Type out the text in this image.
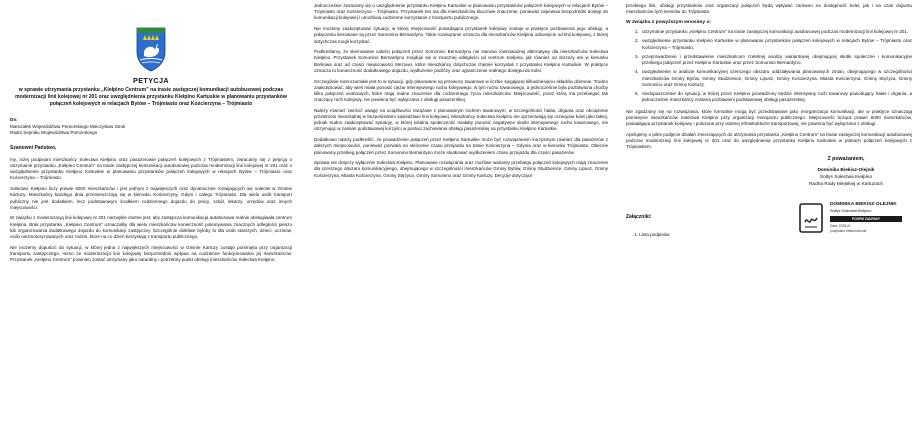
PETYCJA
w sprawie utrzymania przystanku „Kiełpino Centrum” na trasie zastępczej komunikacji autobusowej podczas modernizacji linii kolejowej nr 201 oraz uwzględnienia przystanku Kiełpino Kartuskie w planowaniu przystanków połączeń kolejowych w relacjach Bytów – Trójmiasto oraz Kościerzyna – Trójmiasto
Do:
Marszałek Województwa Pomorskiego Mieczysław Struk
Radni Sejmiku Województwa Pomorskiego
Szanowni Państwo,

my, niżej podpisani mieszkańcy Sołectwa Kiełpino oraz pasażerowie połączeń kolejowych z Trójmiastem, zwracamy się z petycją o utrzymanie przystanku „Kiełpino Centrum” na trasie zastępczej komunikacji autobusowej podczas modernizacji linii kolejowej nr 201 oraz o uwzględnienie przystanku Kiełpino Kartuskie w planowaniu przystanków połączeń kolejowych w relacjach Bytów – Trójmiasto oraz Kościerzyna – Trójmiasto.

Sołectwo Kiełpino liczy prawie 6000 mieszkańców i jest jednym z największych oraz dynamicznie rozwijających się sołectw w Gminie Kartuzy. Mieszkańcy każdego dnia przemieszczają się w kierunku Kościerzyny, Gdyni i całego Trójmiasta. Dla wielu osób transport publiczny nie jest dodatkiem, lecz podstawowym środkiem codziennego dojazdu do pracy, szkół, lekarzy, urzędów oraz innych miejscowości.

W związku z modernizacją linii kolejowej nr 201 niezwykle istotne jest, aby zastępcza komunikacja autobusowa realnie obsługiwała centrum Kiełpina. Brak przystanku „Kiełpino Centrum” oznaczałby dla wielu mieszkańców konieczność pokonywania znacznych odległości pieszo lub organizowania dodatkowego dojazdu do komunikacji zastępczej. Szczególnie dotkliwe byłoby to dla osób starszych, dzieci, uczniów, osób niezmotoryzowanych oraz rodzin, które na co dzień korzystają z transportu publicznego.

Nie możemy dopuścić do sytuacji, w której jedna z największych miejscowości w Gminie Kartuzy zostaje pominięta przy organizacji transportu zastępczego, mimo że modernizacja linii kolejowej bezpośrednio wpływa na codzienne funkcjonowanie jej mieszkańców. Przystanek „Kiełpino Centrum” powinien zostać utrzymany jako naturalny i potrzebny punkt obsługi mieszkańców Sołectwa Kiełpino.

Jednocześnie zwracamy się o uwzględnienie przystanku Kiełpino Kartuskie w planowaniu przystanków połączeń kolejowych w relacjach Bytów – Trójmiasto oraz Kościerzyna – Trójmiasto. Przystanek ten ma dla mieszkańców kluczowe znaczenie, ponieważ zapewnia bezpośredni dostęp do komunikacji kolejowej i umożliwia codzienne korzystanie z transportu publicznego.

Nie możemy zaakceptować sytuacji, w której miejscowość posiadająca przystanek kolejowy zostaje w praktyce pozbawiona jego obsługi, a połączenia kierowane są przez Somonino Bernardyno. Takie rozwiązanie oznacza dla mieszkańców Kiełpina odsunięcie od linii kolejowej, z której dotychczas mogli korzystać.

Podkreślamy, że skierowanie całości połączeń przez Somonino Bernardyno nie stanowi równoważnej alternatywy dla mieszkańców Sołectwa Kiełpino. Przystanek Somonino Bernardyno znajduje się w znacznej odległości od centrum Kiełpina, jak również od obrzeży wsi w kierunku Borkowa oraz od części miejscowości Mezowo, które mieszkańcy dotychczas chętnie korzystali z przystanku Kiełpino Kartuskie. W praktyce oznacza to konieczność dodatkowego dojazdu, wydłużenie podróży oraz ograniczenie realnego dostępu do kolei.

Szczególnie niezrozumiałe jest to w sytuacji, gdy planowane są przewozy towarowe w liczbie sięgającej kilkudziesięciu składów dziennie. Trudno zaakceptować, aby wieś miała ponosić ciężar intensywnego ruchu kolejowego, w tym ruchu towarowego, a jednocześnie była pozbawiona choćby kilku połączeń osobowych, które mają realne znaczenie dla codziennego życia mieszkańców. Miejscowość, przez którą ma przebiegać tak znaczący ruch kolejowy, nie powinna być wyłączana z obsługi pasażerskiej.

Należy również zwrócić uwagę na uciążliwości związane z planowanym ruchem towarowym, w szczególności hałas, drgania oraz obciążenie przestrzeni mieszkalnej w bezpośrednim sąsiedztwie linii kolejowej. Mieszkańcy Sołectwa Kiełpino nie sprzeciwiają się rozwojowi kolei jako takiej, jednak trudno zaakceptować sytuację, w której lokalna społeczność miałaby ponosić negatywne skutki intensywnego ruchu towarowego, nie otrzymując w zamian podstawowej korzyści w postaci zachowania obsługi pasażerskiej na przystanku Kiełpino Kartuskie.

Dodatkowo należy podkreślić, że prowadzenie połączeń przez Kiełpino Kartuskie może być rozwiązaniem korzystnym również dla pasażerów z dalszych miejscowości, ponieważ pozwala na skrócenie czasu przejazdu na trasie Kościerzyna – Gdynia oraz w kierunku Trójmiasta. Obecnie planowany przebieg połączeń przez Somonino Bernardyno może skutkować wydłużeniem czasu przejazdu dla części pasażerów.

Sprawa nie dotyczy wyłącznie Sołectwa Kiełpino. Planowane rozwiązania oraz możliwe warianty przebiegu połączeń kolejowych mają znaczenie dla szerszego obszaru komunikacyjnego, obejmującego w szczególności mieszkańców Gminy Bytów, Gminy Studzienice, Gminy Lipusz, Gminy Kościerzyna, Miasta Kościerzyna, Gminy Stężyca, Gminy Somonino oraz Gminy Kartuzy. Decyzje dotyczące

przebiegu linii, obsługi przystanków oraz organizacji połączeń będą wpływać zarówno na dostępność kolei, jak i na czas dojazdu mieszkańców tych terenów do Trójmiasta.

W związku z powyższym wnosimy o:
1. utrzymanie przystanku „Kiełpino Centrum” na trasie zastępczej komunikacji autobusowej podczas modernizacji linii kolejowej nr 201,
2. uwzględnienie przystanku Kiełpino Kartuskie w planowaniu przystanków połączeń kolejowych w relacjach Bytów – Trójmiasto oraz Kościerzyna – Trójmiasto,
3. przeprowadzenie i przedstawienie mieszkańcom rzetelnej analizy wariantowej obejmującej skutki społeczne i komunikacyjne przebiegu połączeń przez Kiełpino Kartuskie oraz przez Somonino Bernardyno,
4. uwzględnienie w analizie komunikacyjnej szerszego obszaru oddziaływania planowanych zmian, obejmującego w szczególności mieszkańców Gminy Bytów, Gminy Studzienice, Gminy Lipusz, Gminy Kościerzyna, Miasta Kościerzyna, Gminy Stężyca, Gminy Somonino oraz Gminy Kartuzy,
5. niedopuszczenie do sytuacji, w której przez Kiełpino prowadzony będzie intensywny ruch towarowy powodujący hałas i drgania, a jednocześnie mieszkańcy zostaną pozbawieni podstawowej obsługi pasażerskiej.

Nie zgadzamy się na rozwiązania, które formalnie mogą być przedstawiane jako reorganizacja komunikacji, ale w praktyce oznaczają pominięcie mieszkańców Sołectwa Kiełpino przy organizacji transportu publicznego. Miejscowość licząca prawie 6000 mieszkańców, posiadająca przystanek kolejowy i położona przy istotnej infrastrukturze transportowej, nie powinna być wyłączana z obsługi.

Apelujemy o pilne podjęcie działań zmierzających do utrzymania przystanku „Kiełpino Centrum” na trasie zastępczej komunikacji autobusowej podczas modernizacji linii kolejowej nr 201 oraz do uwzględnienia przystanku Kiełpino Kartuskie w planach połączeń kolejowych z Trójmiastem.

Z poważaniem,
Dominika Biekisz-Olejnik
Sołtys Sołectwa Kiełpino
Radna Rady Miejskiej w Kartuzach
Załączniki:
1. Lista podpisów.
DOMINIKA BIEKISZ-OLEJNIK
Sołtys Sołectwa Kiełpino
PODPIS ZAUFANY
Data: 2025-01
podpisano elektronicznie
